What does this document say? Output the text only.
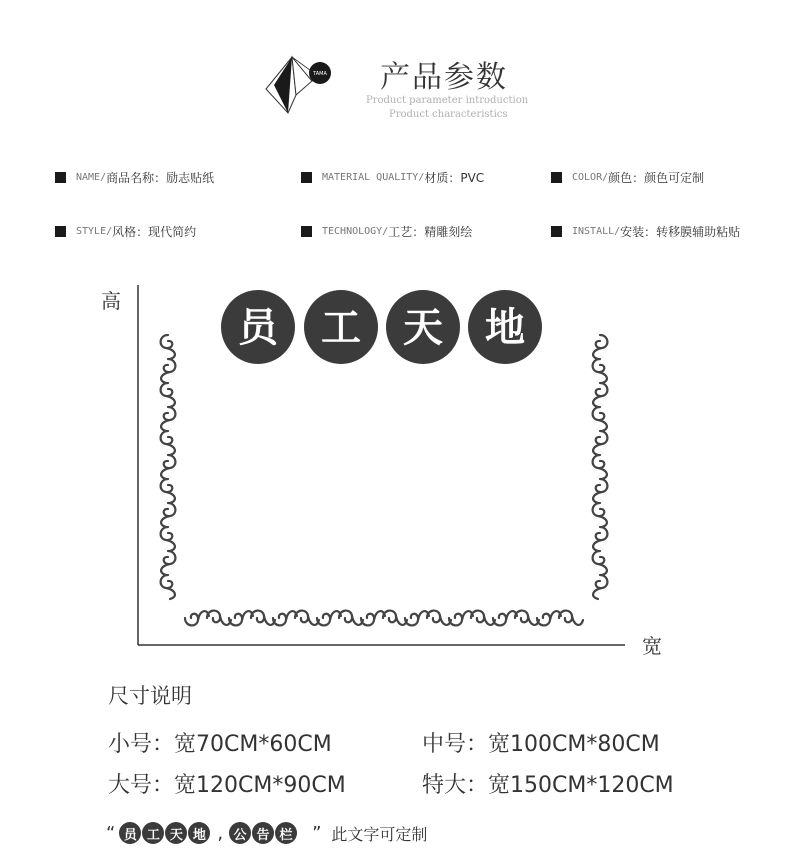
TAMA 产品参数
Product parameter introduction
Product characteristics
NAME/ 商品名称：励志贴纸	MATERIAL QUALITY/ 材质：PVC	COLOR/ 颜色：颜色可定制
STYLE/ 风格：现代简约	TECHNOLOGY/ 工艺：精雕刻绘	INSTALL/ 安装：转移膜辅助粘贴
高
宽
员 工 天 地
尺寸说明
小号：宽70CM*60CM	中号：宽100CM*80CM
大号：宽120CM*90CM	特大：宽150CM*120CM
“ 员 工 天 地 , 公 告 栏 ” 此文字可定制
